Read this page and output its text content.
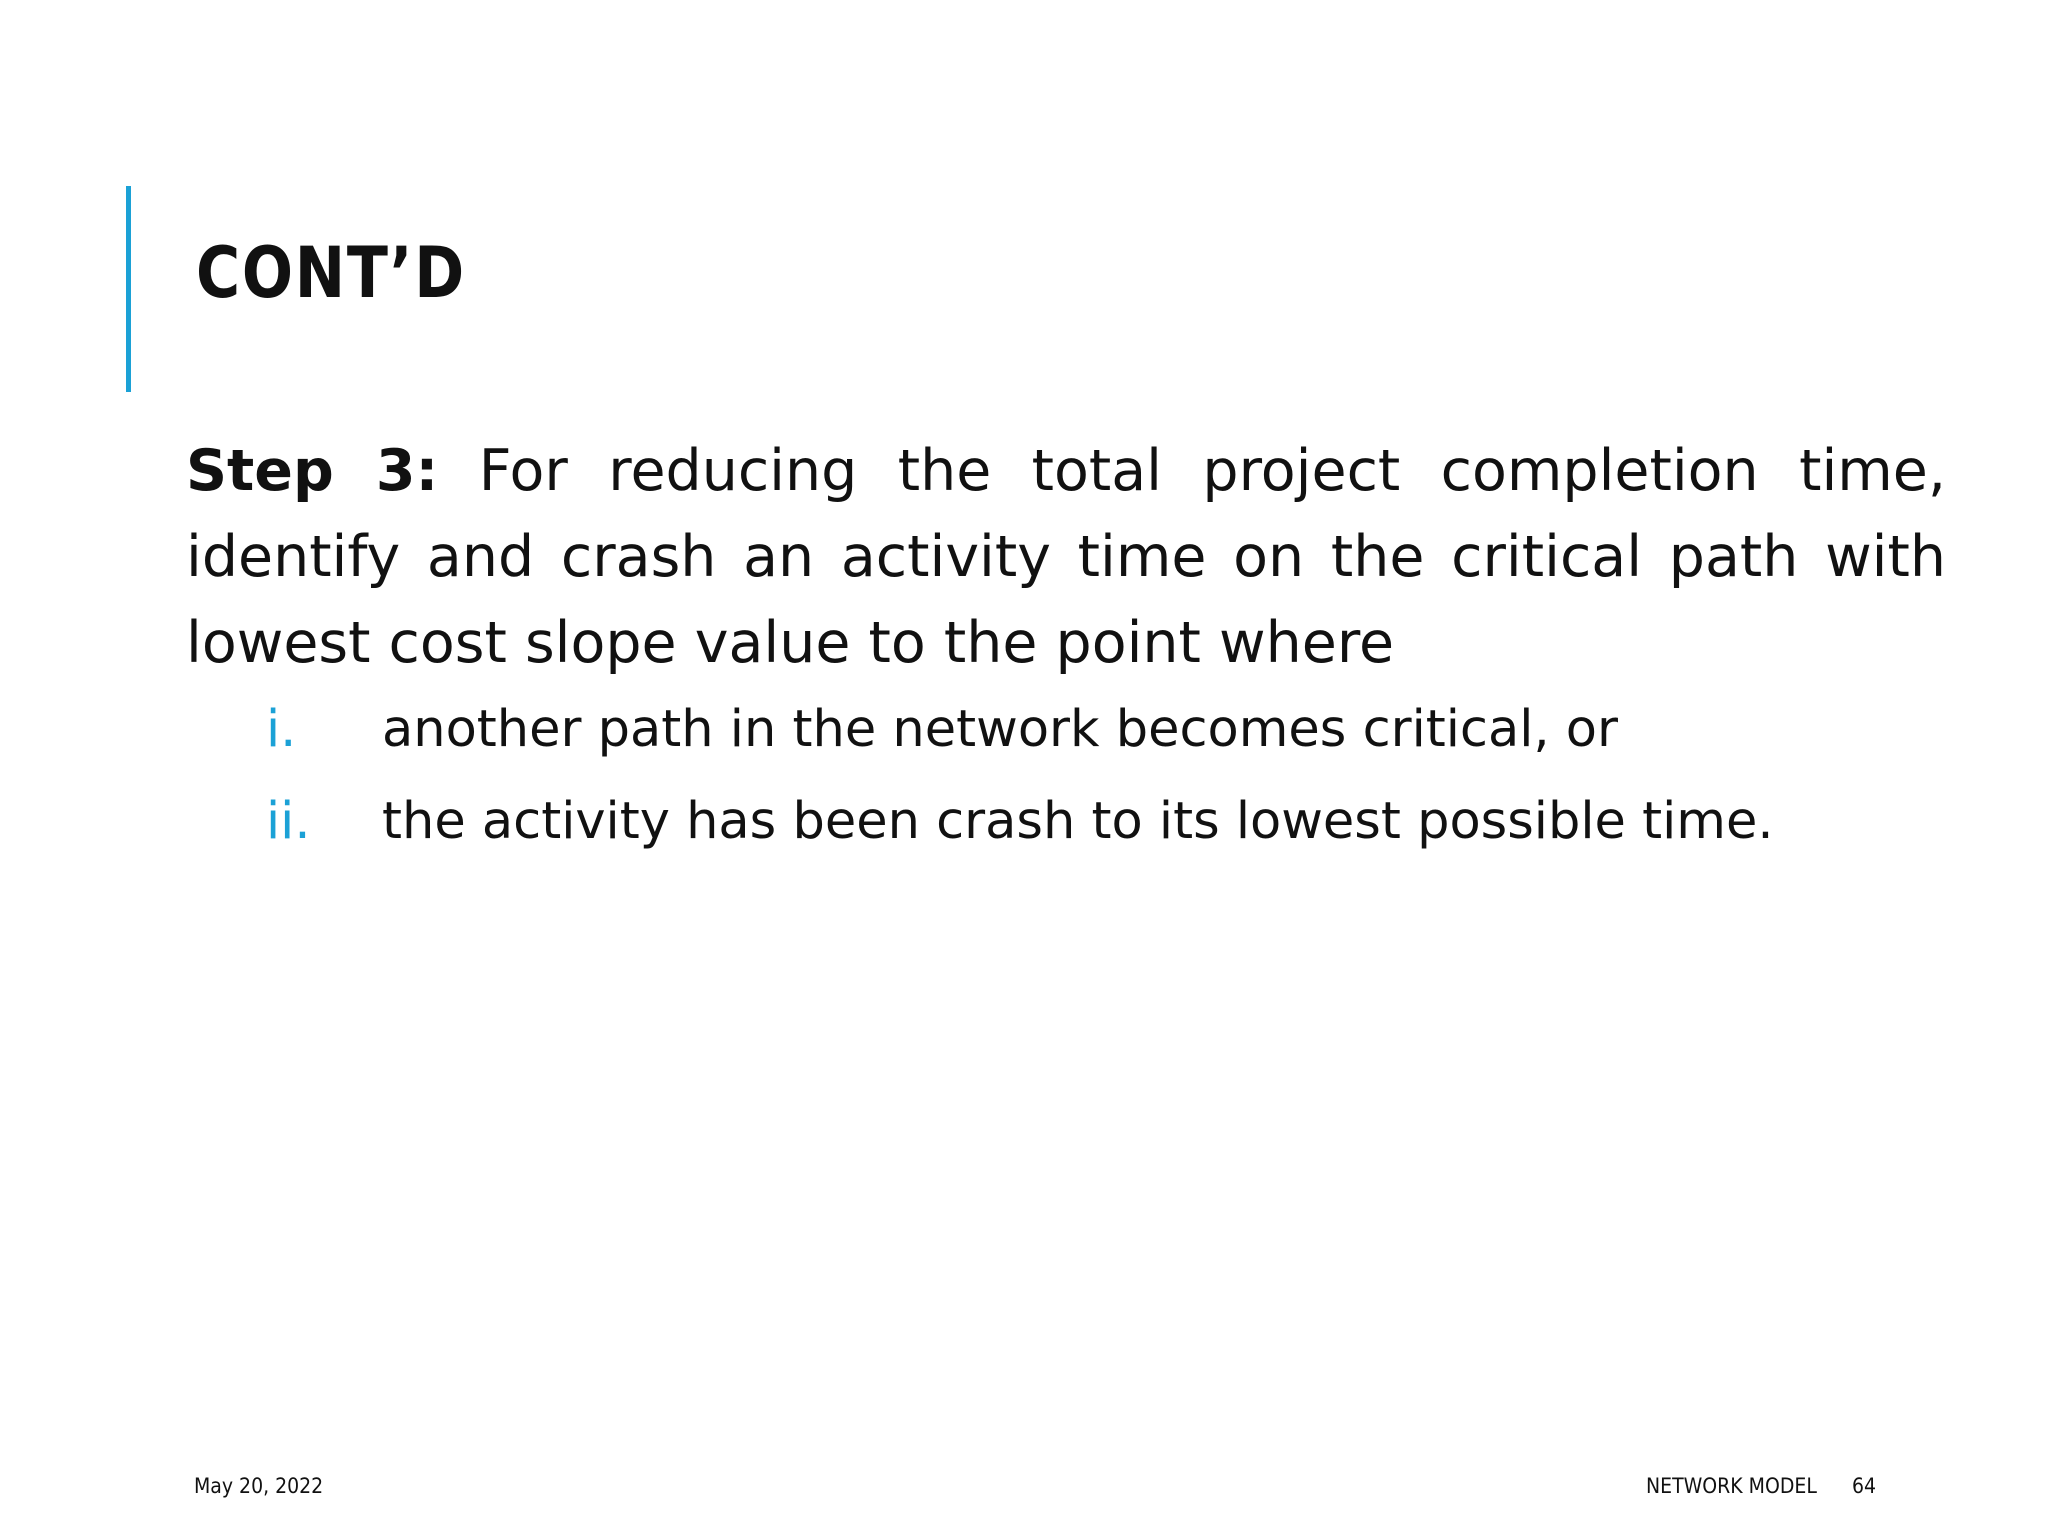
CONT’D

Step 3: For reducing the total project completion time, identify and crash an activity time on the critical path with lowest cost slope value to the point where

i. another path in the network becomes critical, or
ii. the activity has been crash to its lowest possible time.
May 20, 2022	NETWORK MODEL 64
